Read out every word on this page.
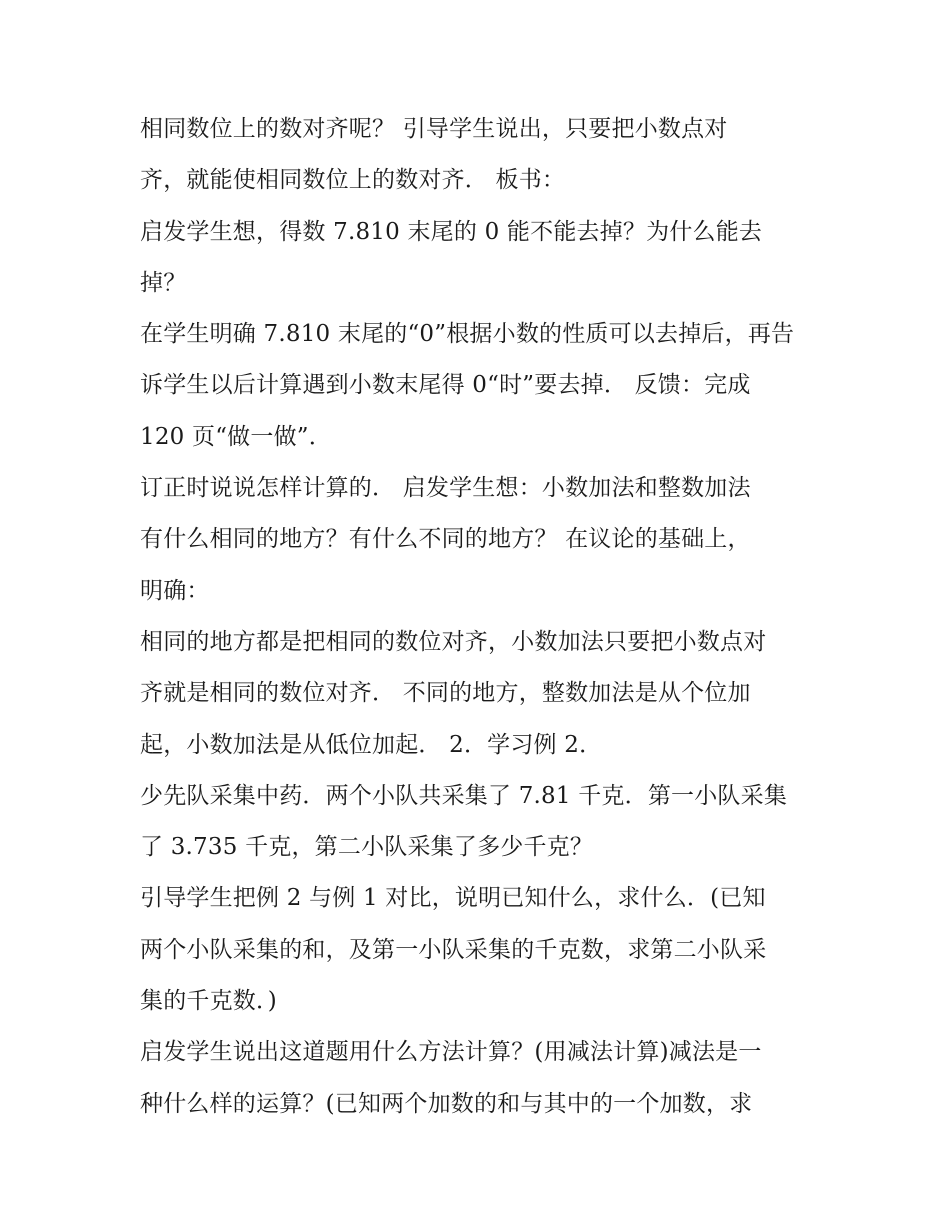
相同数位上的数对齐呢？ 引导学生说出，只要把小数点对
齐，就能使相同数位上的数对齐． 板书：
启发学生想，得数 7.810 末尾的 0 能不能去掉？为什么能去
掉？
在学生明确 7.810 末尾的“0”根据小数的性质可以去掉后，再告
诉学生以后计算遇到小数末尾得 0“时”要去掉． 反馈：完成
120 页“做一做”．
订正时说说怎样计算的． 启发学生想：小数加法和整数加法
有什么相同的地方？有什么不同的地方？ 在议论的基础上，
明确：
相同的地方都是把相同的数位对齐，小数加法只要把小数点对
齐就是相同的数位对齐． 不同的地方，整数加法是从个位加
起，小数加法是从低位加起． 2．学习例 2．
少先队采集中药．两个小队共采集了 7.81 千克．第一小队采集
了 3.735 千克，第二小队采集了多少千克？
引导学生把例 2 与例 1 对比，说明已知什么，求什么．(已知
两个小队采集的和，及第一小队采集的千克数，求第二小队采
集的千克数．)
启发学生说出这道题用什么方法计算？(用减法计算)减法是一
种什么样的运算？(已知两个加数的和与其中的一个加数，求
